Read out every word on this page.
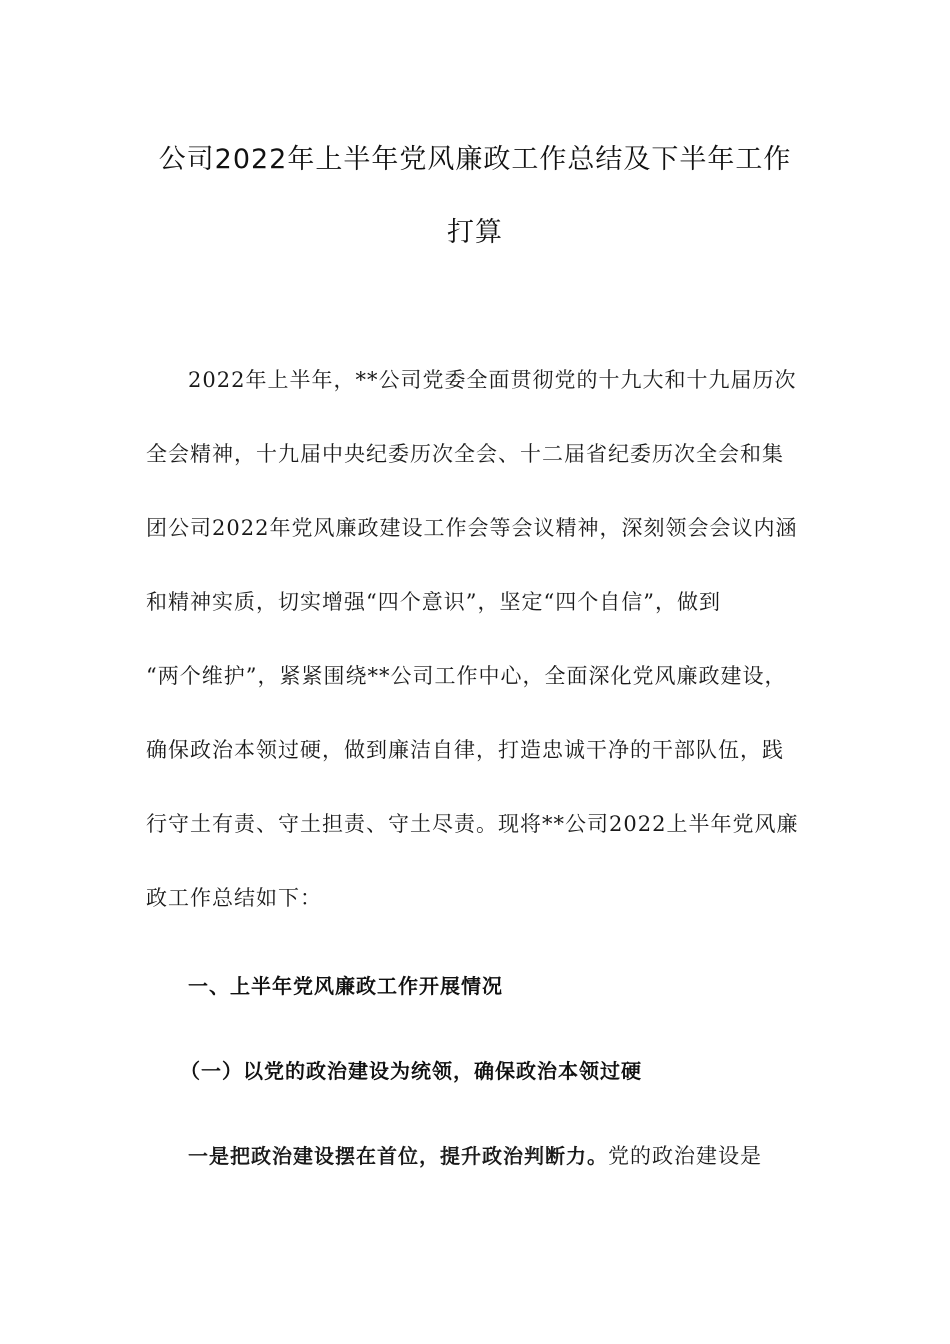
公司2022年上半年党风廉政工作总结及下半年工作
打算
2022年上半年，**公司党委全面贯彻党的十九大和十九届历次
全会精神，十九届中央纪委历次全会、十二届省纪委历次全会和集
团公司2022年党风廉政建设工作会等会议精神，深刻领会会议内涵
和精神实质，切实增强“四个意识”，坚定“四个自信”，做到
“两个维护”，紧紧围绕**公司工作中心，全面深化党风廉政建设，
确保政治本领过硬，做到廉洁自律，打造忠诚干净的干部队伍，践
行守土有责、守土担责、守土尽责。现将**公司2022上半年党风廉
政工作总结如下：
一、上半年党风廉政工作开展情况
（一）以党的政治建设为统领，确保政治本领过硬
一是把政治建设摆在首位，提升政治判断力。党的政治建设是
